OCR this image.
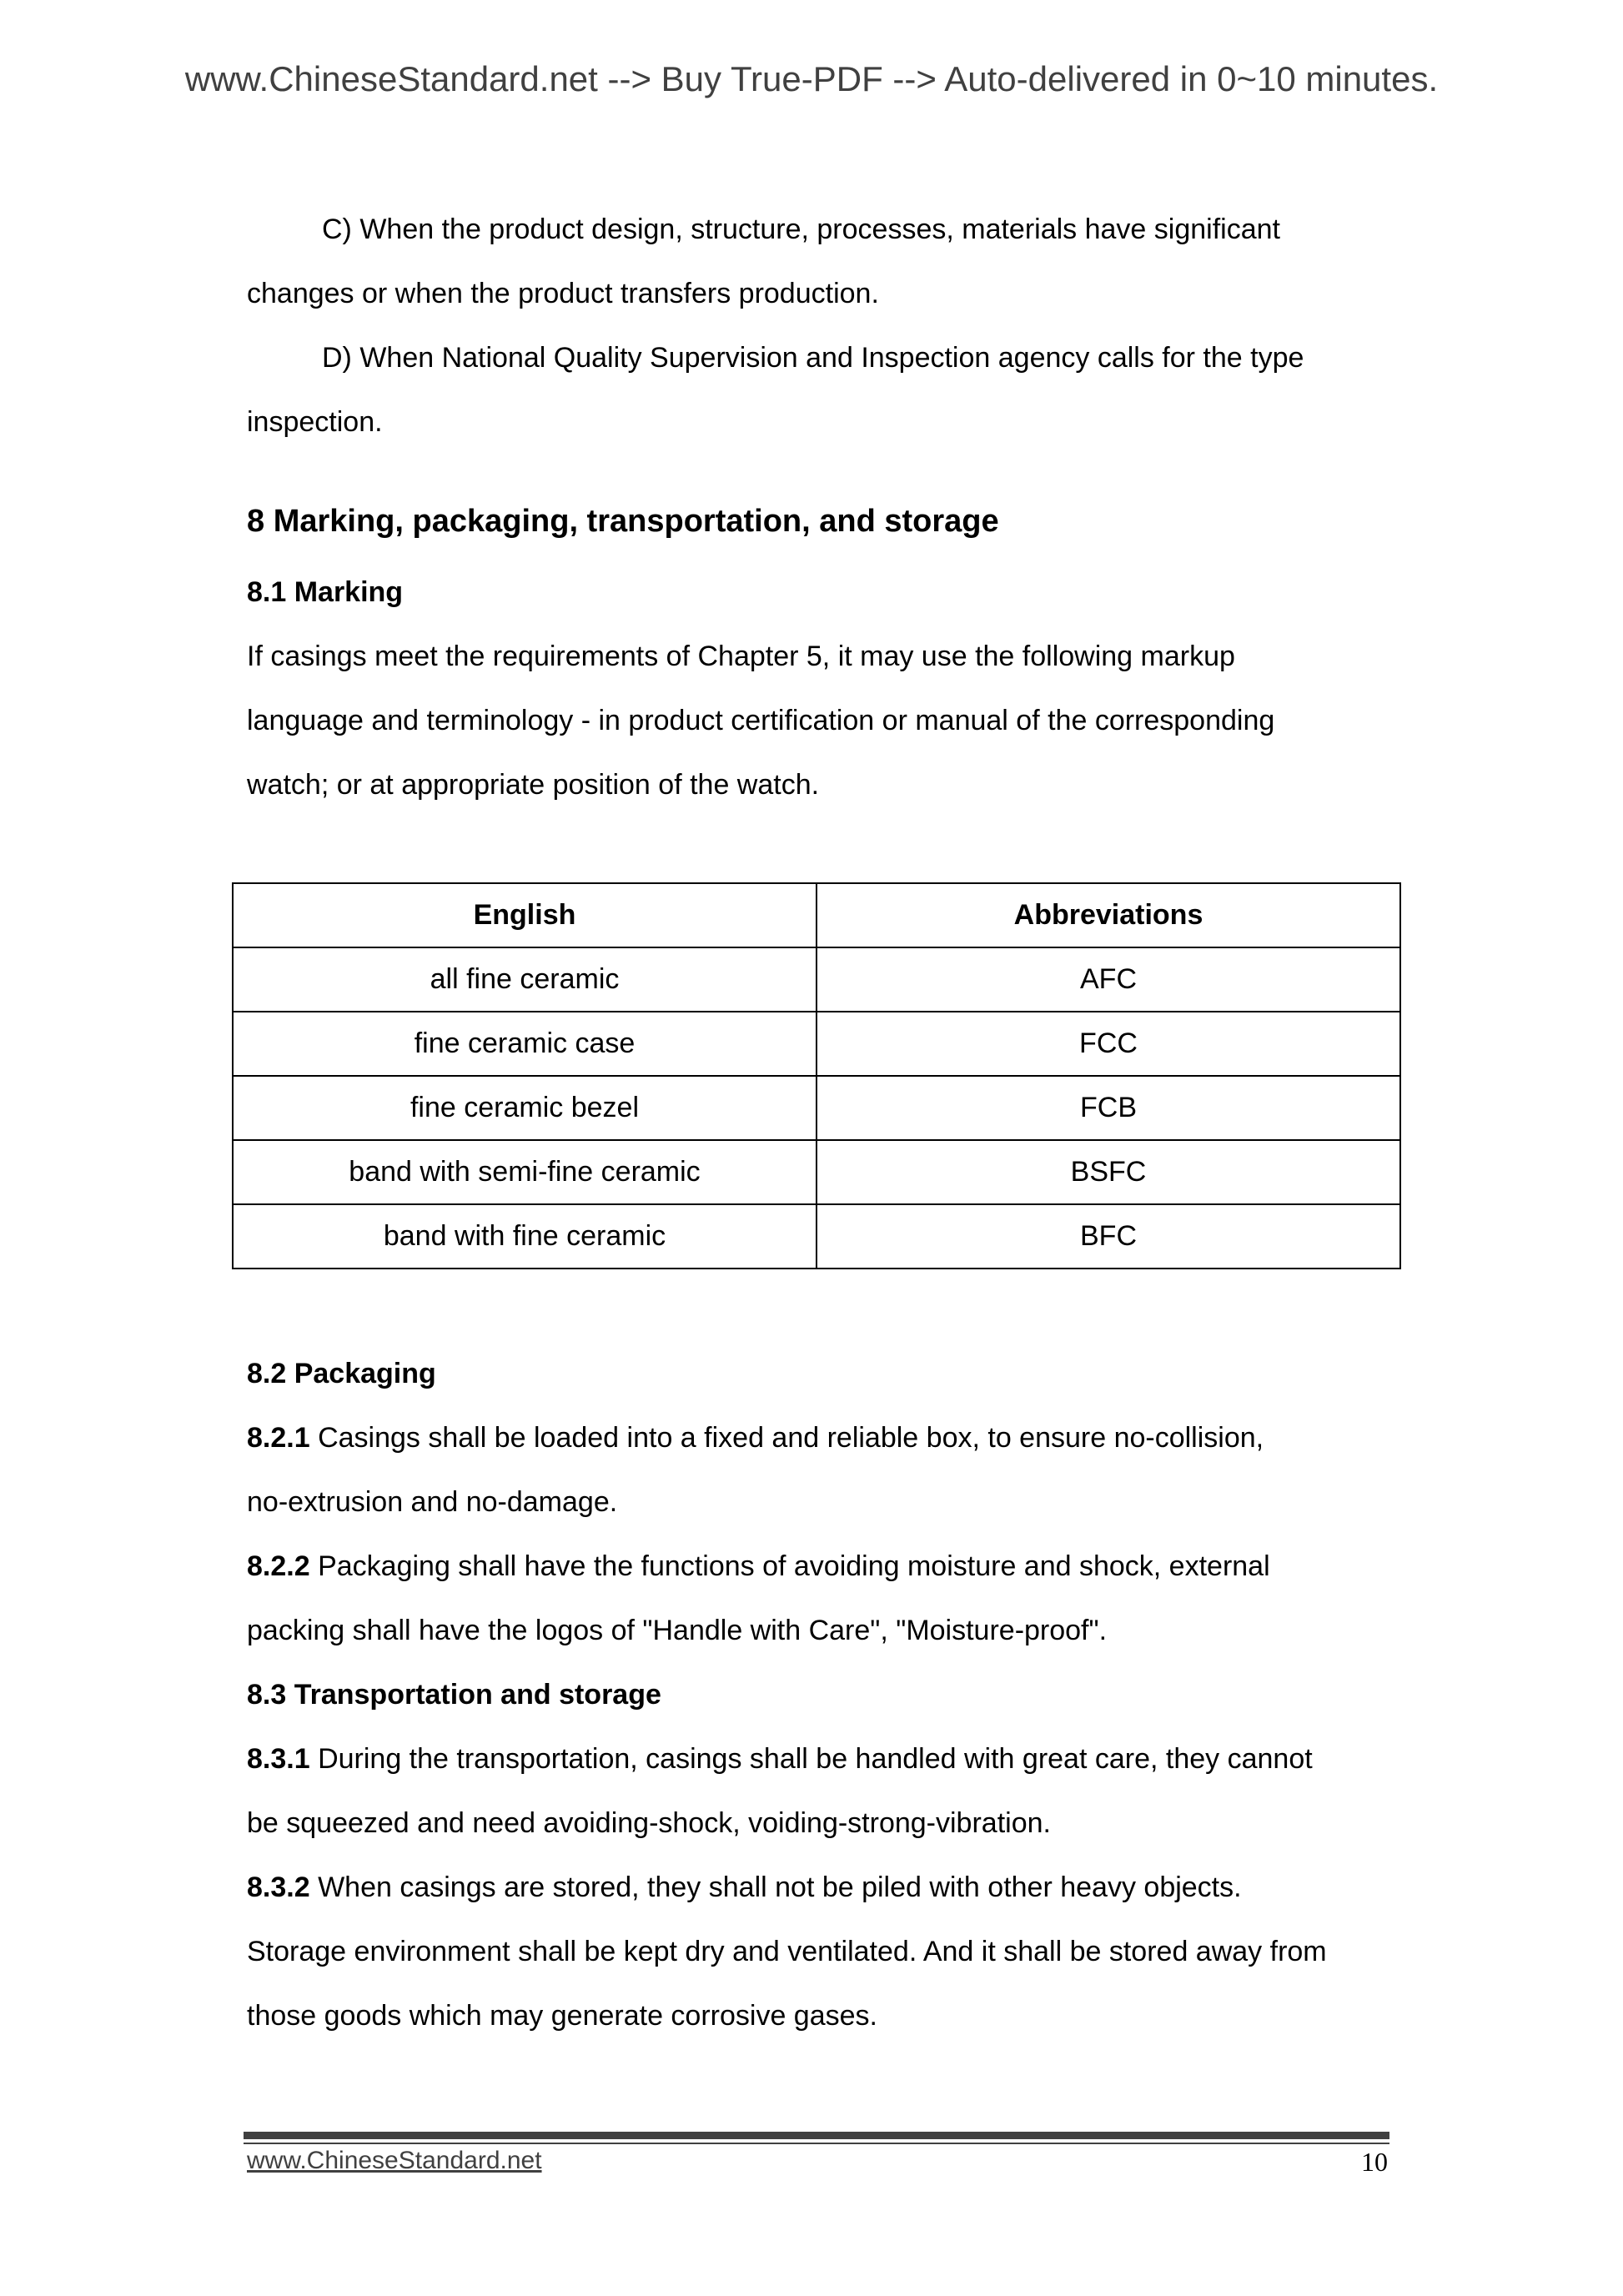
www.ChineseStandard.net --> Buy True-PDF --> Auto-delivered in 0~10 minutes.
C) When the product design, structure, processes, materials have significant
changes or when the product transfers production.
D) When National Quality Supervision and Inspection agency calls for the type
inspection.
8 Marking, packaging, transportation, and storage
8.1 Marking
If casings meet the requirements of Chapter 5, it may use the following markup
language and terminology - in product certification or manual of the corresponding
watch; or at appropriate position of the watch.
8.2 Packaging
8.2.1 Casings shall be loaded into a fixed and reliable box, to ensure no-collision,
no-extrusion and no-damage.
8.2.2 Packaging shall have the functions of avoiding moisture and shock, external
packing shall have the logos of "Handle with Care", "Moisture-proof".
8.3 Transportation and storage
8.3.1 During the transportation, casings shall be handled with great care, they cannot
be squeezed and need avoiding-shock, voiding-strong-vibration.
8.3.2 When casings are stored, they shall not be piled with other heavy objects.
Storage environment shall be kept dry and ventilated. And it shall be stored away from
those goods which may generate corrosive gases.
English	Abbreviations
all fine ceramic	AFC
fine ceramic case	FCC
fine ceramic bezel	FCB
band with semi-fine ceramic	BSFC
band with fine ceramic	BFC
www.ChineseStandard.net	10
